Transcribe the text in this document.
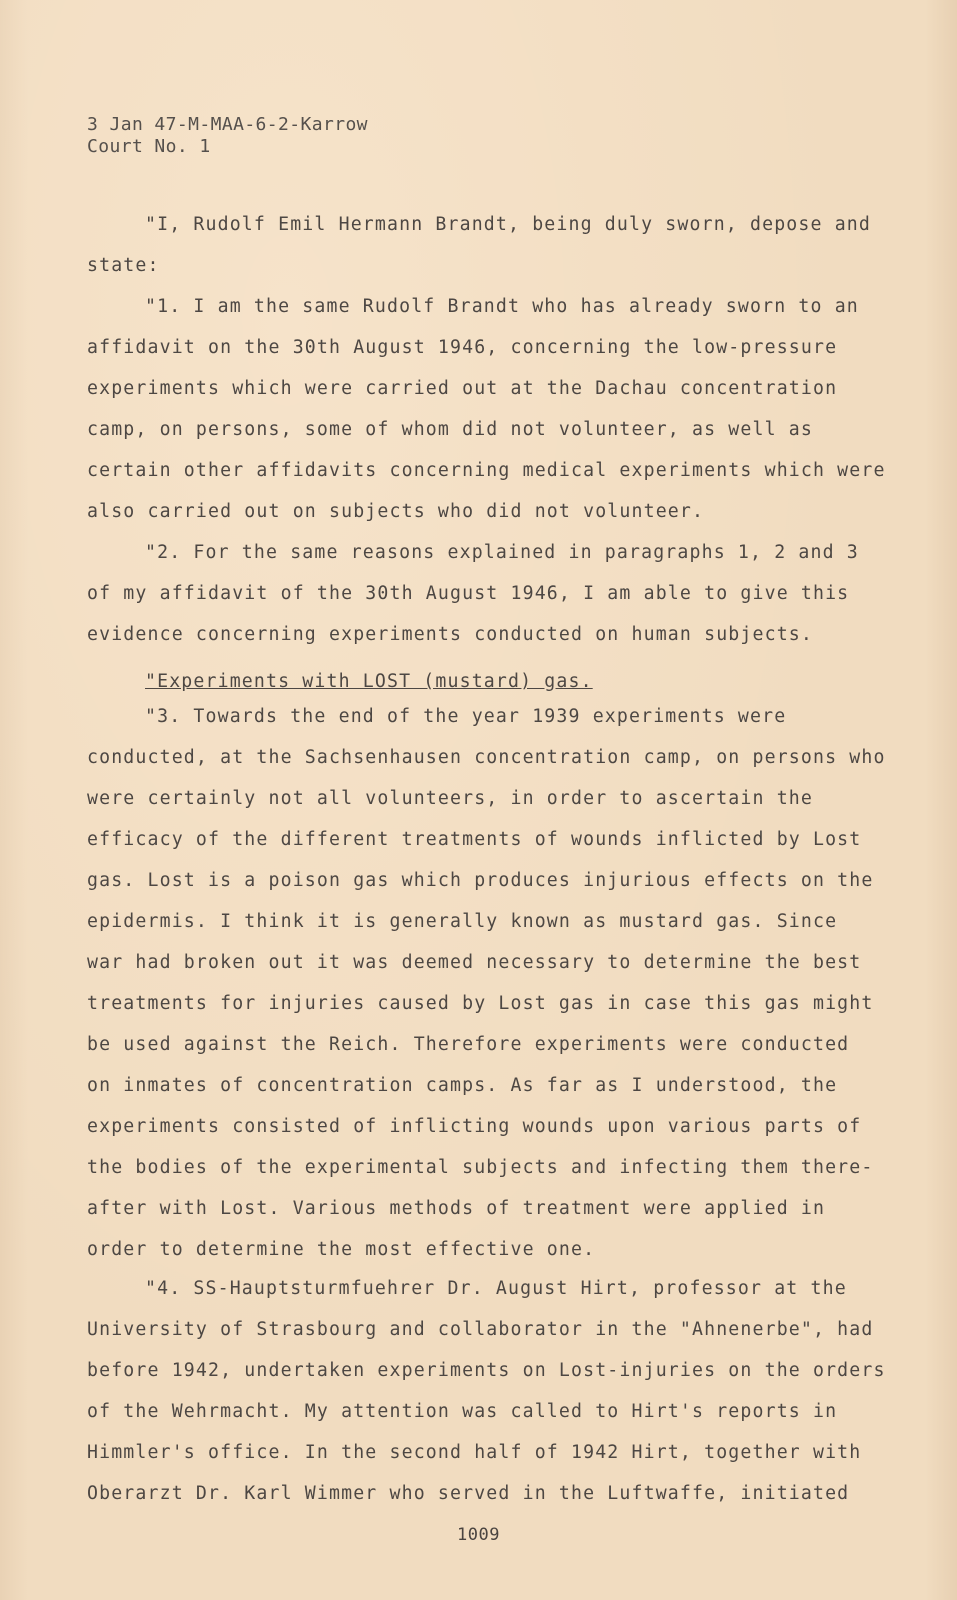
3 Jan 47-M-MAA-6-2-Karrow
Court No. 1
"I, Rudolf Emil Hermann Brandt, being duly sworn, depose and
state:
"1. I am the same Rudolf Brandt who has already sworn to an
affidavit on the 30th August 1946, concerning the low-pressure
experiments which were carried out at the Dachau concentration
camp, on persons, some of whom did not volunteer, as well as
certain other affidavits concerning medical experiments which were
also carried out on subjects who did not volunteer.
"2. For the same reasons explained in paragraphs 1, 2 and 3
of my affidavit of the 30th August 1946, I am able to give this
evidence concerning experiments conducted on human subjects.
"Experiments with LOST (mustard) gas.
"3. Towards the end of the year 1939 experiments were
conducted, at the Sachsenhausen concentration camp, on persons who
were certainly not all volunteers, in order to ascertain the
efficacy of the different treatments of wounds inflicted by Lost
gas. Lost is a poison gas which produces injurious effects on the
epidermis. I think it is generally known as mustard gas. Since
war had broken out it was deemed necessary to determine the best
treatments for injuries caused by Lost gas in case this gas might
be used against the Reich. Therefore experiments were conducted
on inmates of concentration camps. As far as I understood, the
experiments consisted of inflicting wounds upon various parts of
the bodies of the experimental subjects and infecting them there-
after with Lost. Various methods of treatment were applied in
order to determine the most effective one.
"4. SS-Hauptsturmfuehrer Dr. August Hirt, professor at the
University of Strasbourg and collaborator in the "Ahnenerbe", had
before 1942, undertaken experiments on Lost-injuries on the orders
of the Wehrmacht. My attention was called to Hirt's reports in
Himmler's office. In the second half of 1942 Hirt, together with
Oberarzt Dr. Karl Wimmer who served in the Luftwaffe, initiated
1009
